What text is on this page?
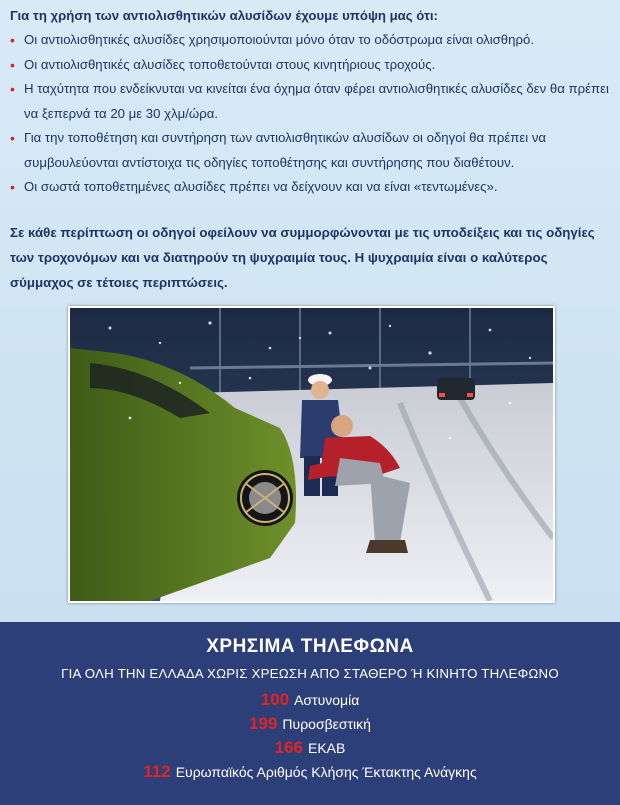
Για τη χρήση των αντιολισθητικών αλυσίδων έχουμε υπόψη μας ότι:
• Οι αντιολισθητικές αλυσίδες χρησιμοποιούνται μόνο όταν το οδόστρωμα είναι ολισθηρό.
• Οι αντιολισθητικές αλυσίδες τοποθετούνται στους κινητήριους τροχούς.
• Η ταχύτητα που ενδείκνυται να κινείται ένα όχημα όταν φέρει αντιολισθητικές αλυσίδες δεν θα πρέπει να ξεπερνά τα 20 με 30 χλμ/ώρα.
• Για την τοποθέτηση και συντήρηση των αντιολισθητικών αλυσίδων οι οδηγοί θα πρέπει να συμβουλεύονται αντίστοιχα τις οδηγίες τοποθέτησης και συντήρησης που διαθέτουν.
• Οι σωστά τοποθετημένες αλυσίδες πρέπει να δείχνουν και να είναι «τεντωμένες».
Σε κάθε περίπτωση οι οδηγοί οφείλουν να συμμορφώνονται με τις υποδείξεις και τις οδηγίες των τροχονόμων και να διατηρούν τη ψυχραιμία τους. Η ψυχραιμία είναι ο καλύτερος σύμμαχος σε τέτοιες περιπτώσεις.
ΧΡΗΣΙΜΑ ΤΗΛΕΦΩΝΑ
ΓΙΑ ΟΛΗ ΤΗΝ ΕΛΛΑΔΑ ΧΩΡΙΣ ΧΡΕΩΣΗ ΑΠΟ ΣΤΑΘΕΡΟ Ή ΚΙΝΗΤΟ ΤΗΛΕΦΩΝΟ
100 Αστυνομία
199 Πυροσβεστική
166 ΕΚΑΒ
112 Ευρωπαϊκός Αριθμός Κλήσης Έκτακτης Ανάγκης
